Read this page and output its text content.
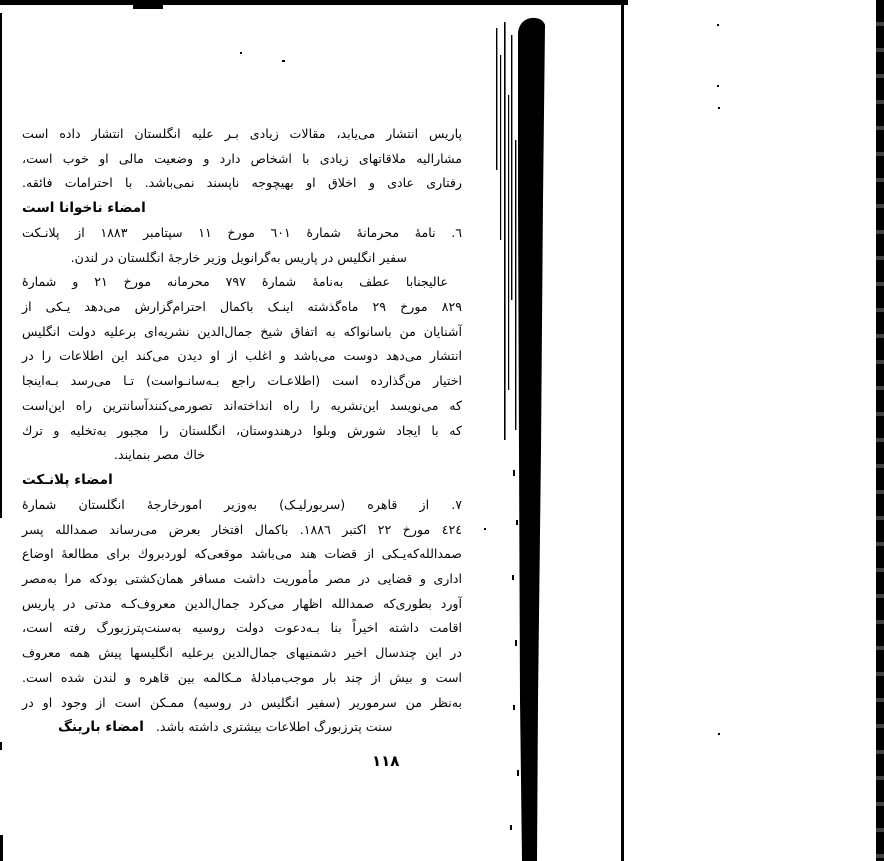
پاریس انتشار می‌یابد، مقالات زیادی بـر علیه انگلستان انتشار داده است
مشارالیه ملاقاتهای زیادی با اشخاص دارد و وضعیت مالی او خوب است،
رفتاری عادی و اخلاق او بهیچوجه ناپسند نمی‌باشد. با احترامات فائقه.
امضاء ناخوانا است
٦. نامهٔ محرمانهٔ شمارهٔ ٦٠١ مورخ ١١ سپتامبر ١٨٨٣ از پلانـکت
سفیر انگلیس در پاریس به‌گرانویل وزیر خارجهٔ انگلستان در لندن.
عالیجنابا عطف به‌نامهٔ شمارهٔ ٧٩٧ محرمانه مورخ ٢١ و شمارهٔ
٨٢٩ مورخ ٢٩ ماه‌گذشته اینـک باکمال احترام‌گزارش می‌دهد یـکی از
آشنایان من باسانواکه به اتفاق شیخ جمال‌الدین نشریه‌ای برعلیه دولت انگلیس
انتشار می‌دهد دوست می‌باشد و اغلب از او دیدن می‌کند این اطلاعات را در
اختیار من‌گذارده است (اطلاعـات راجع بـه‌سانـواست) تـا می‌رسد بـه‌اینجا
که می‌نویسد این‌نشریه را راه انداخته‌اند تصورمی‌کنندآسانترین راه این‌است
که با ایجاد شورش وبلوا درهندوستان، انگلستان را مجبور به‌تخلیه و ترك
خاك مصر بنمایند.
امضاء پلانـکت
٧. از قاهره (سربورلیـک) به‌وزیر امورخارجهٔ انگلستان شمارهٔ
٤٢٤ مورخ ٢٢ اکتبر ١٨٨٦. باکمال افتخار بعرض می‌رساند صمدالله پسر
صمدالله‌که‌یـکی از قضات هند می‌باشد موقعی‌که لوردبروك برای مطالعهٔ اوضاع
اداری و قضایی در مصر مأموریت داشت مسافر همان‌کشتی بودکه مرا به‌مصر
آورد بطوری‌که صمدالله اظهار می‌کرد جمال‌الدین معروف‌کـه مدتی در پاریس
اقامت داشته اخیراً بنا بـه‌دعوت دولت روسیه به‌سنت‌پترزبورگ رفته است،
در این چندسال اخیر دشمنیهای جمال‌الدین برعلیه انگلیسها پیش همه معروف
است و بیش از چند بار موجب‌مبادلهٔ مـکالمه بین قاهره و لندن شده است.
به‌نظر من سرموریر (سفیر انگلیس در روسیه) ممـکن است از وجود او در
امضاء بارینگ سنت پترزبورگ اطلاعات بیشتری داشته باشد.
١١٨
